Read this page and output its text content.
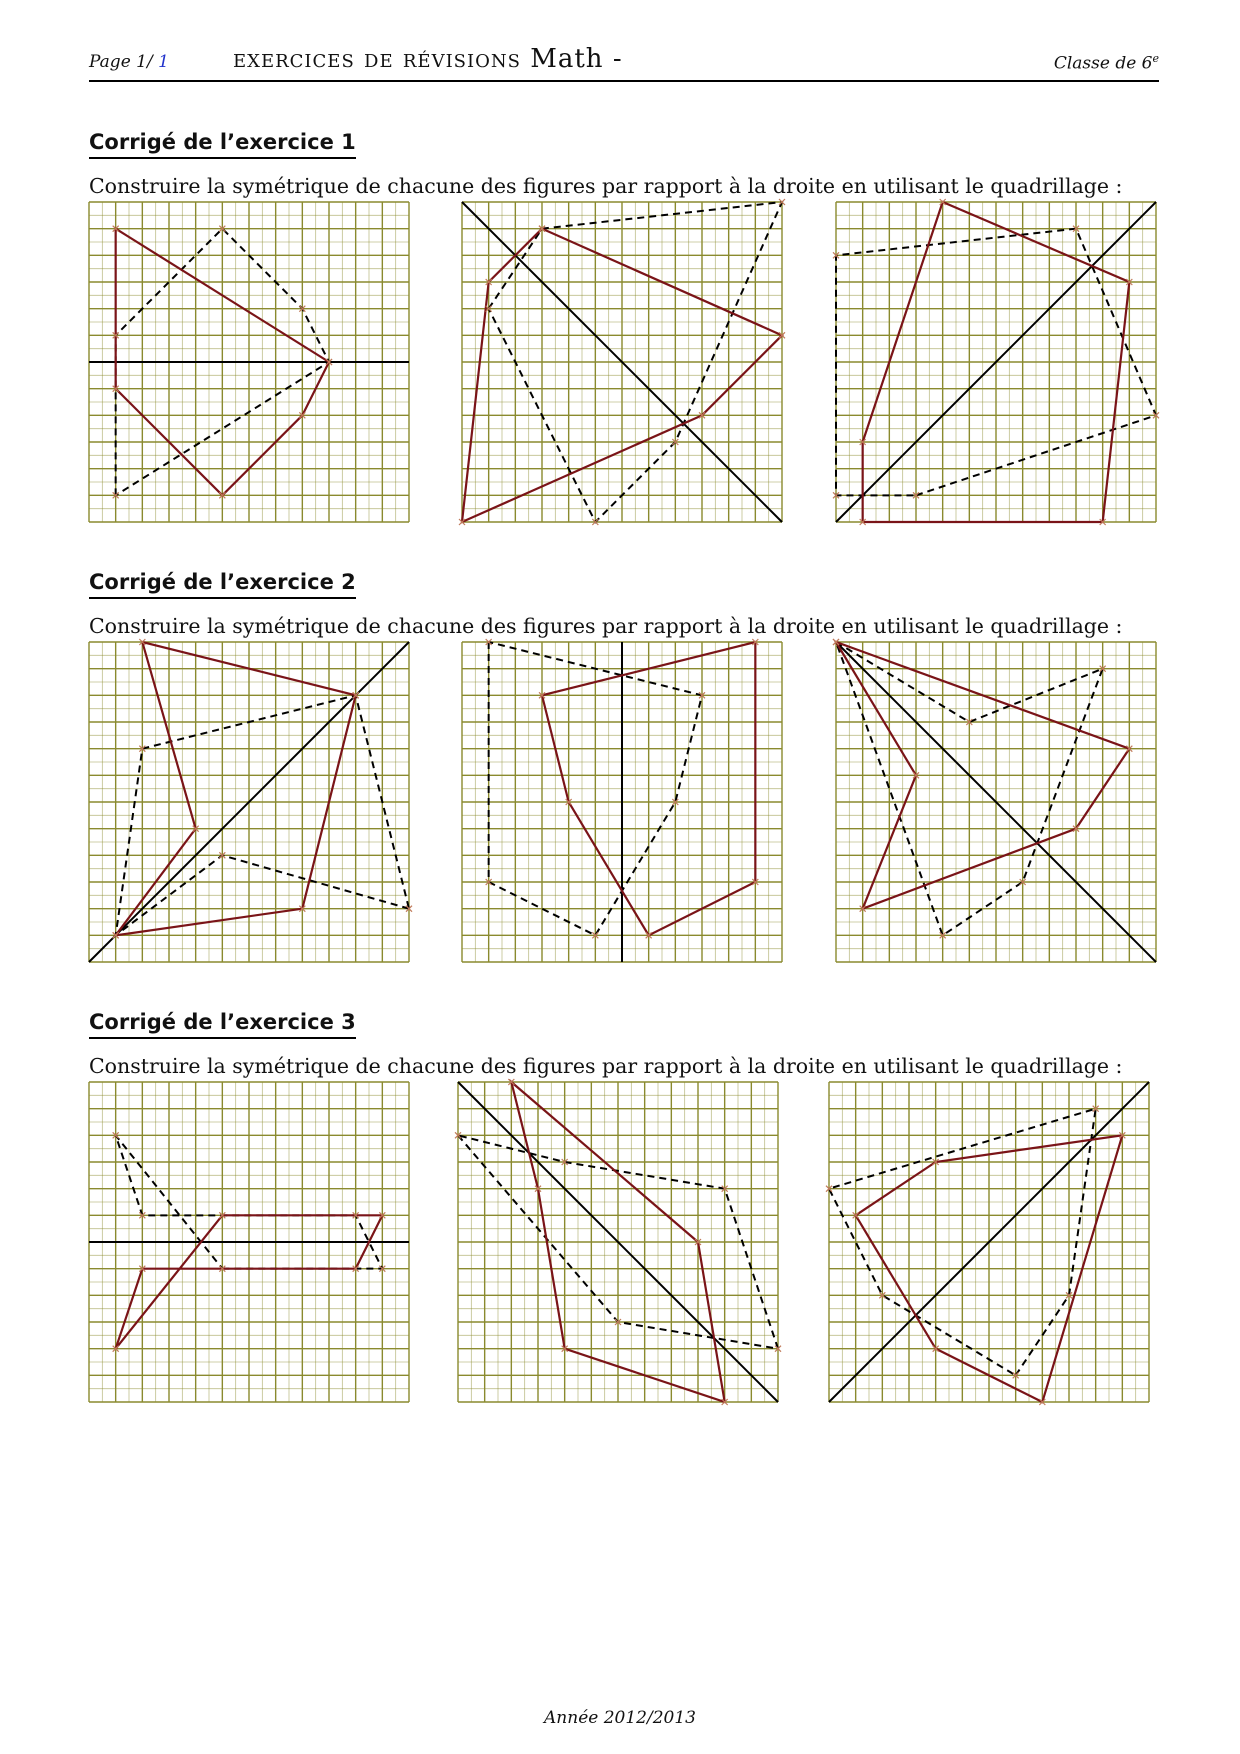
Page 1/ 1 exercices de révisions Math -	Classe de 6e
Corrigé de l’exercice 1
Construire la symétrique de chacune des figures par rapport à la droite en utilisant le quadrillage :
Corrigé de l’exercice 2
Construire la symétrique de chacune des figures par rapport à la droite en utilisant le quadrillage :
Corrigé de l’exercice 3
Construire la symétrique de chacune des figures par rapport à la droite en utilisant le quadrillage :
Année 2012/2013
